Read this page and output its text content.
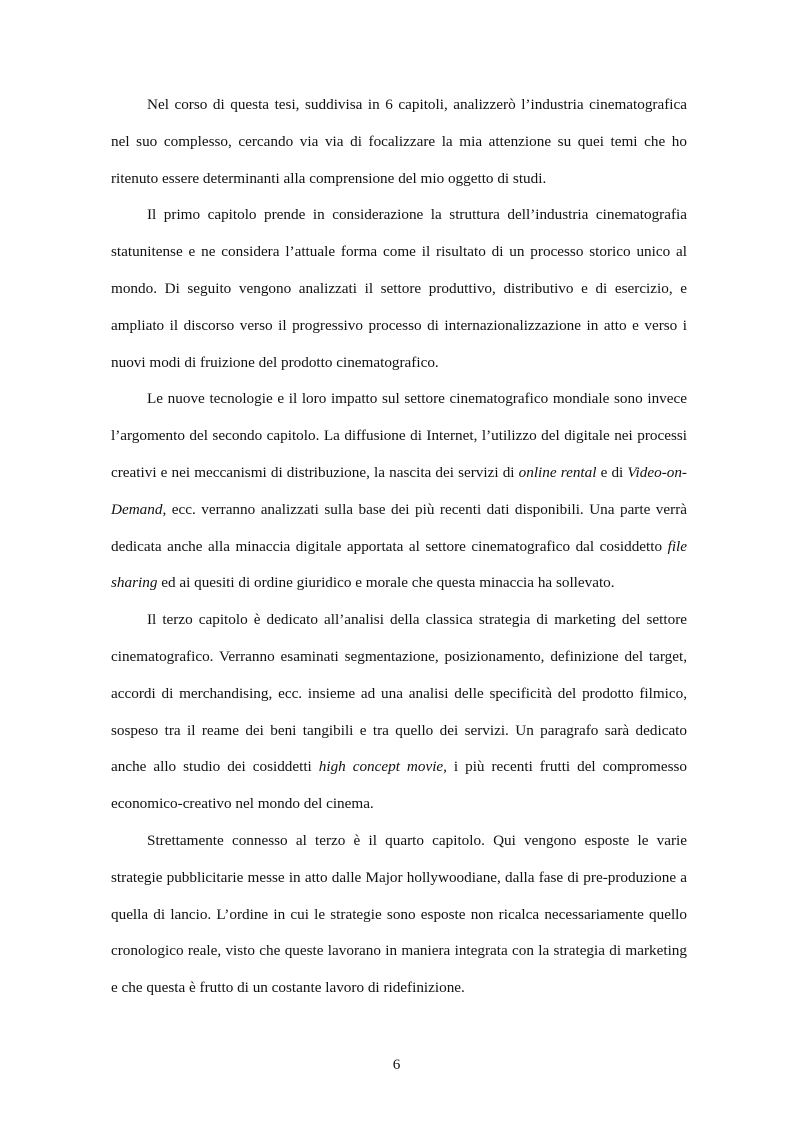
Nel corso di questa tesi, suddivisa in 6 capitoli, analizzerò l’industria cinematografica nel suo complesso, cercando via via di focalizzare la mia attenzione su quei temi che ho ritenuto essere determinanti alla comprensione del mio oggetto di studi.

Il primo capitolo prende in considerazione la struttura dell’industria cinematografia statunitense e ne considera l’attuale forma come il risultato di un processo storico unico al mondo. Di seguito vengono analizzati il settore produttivo, distributivo e di esercizio, e ampliato il discorso verso il progressivo processo di internazionalizzazione in atto e verso i nuovi modi di fruizione del prodotto cinematografico.

Le nuove tecnologie e il loro impatto sul settore cinematografico mondiale sono invece l’argomento del secondo capitolo. La diffusione di Internet, l’utilizzo del digitale nei processi creativi e nei meccanismi di distribuzione, la nascita dei servizi di online rental e di Video-on-Demand, ecc. verranno analizzati sulla base dei più recenti dati disponibili. Una parte verrà dedicata anche alla minaccia digitale apportata al settore cinematografico dal cosiddetto file sharing ed ai quesiti di ordine giuridico e morale che questa minaccia ha sollevato.

Il terzo capitolo è dedicato all’analisi della classica strategia di marketing del settore cinematografico. Verranno esaminati segmentazione, posizionamento, definizione del target, accordi di merchandising, ecc. insieme ad una analisi delle specificità del prodotto filmico, sospeso tra il reame dei beni tangibili e tra quello dei servizi. Un paragrafo sarà dedicato anche allo studio dei cosiddetti high concept movie, i più recenti frutti del compromesso economico-creativo nel mondo del cinema.

Strettamente connesso al terzo è il quarto capitolo. Qui vengono esposte le varie strategie pubblicitarie messe in atto dalle Major hollywoodiane, dalla fase di pre-produzione a quella di lancio. L’ordine in cui le strategie sono esposte non ricalca necessariamente quello cronologico reale, visto che queste lavorano in maniera integrata con la strategia di marketing e che questa è frutto di un costante lavoro di ridefinizione.

6
